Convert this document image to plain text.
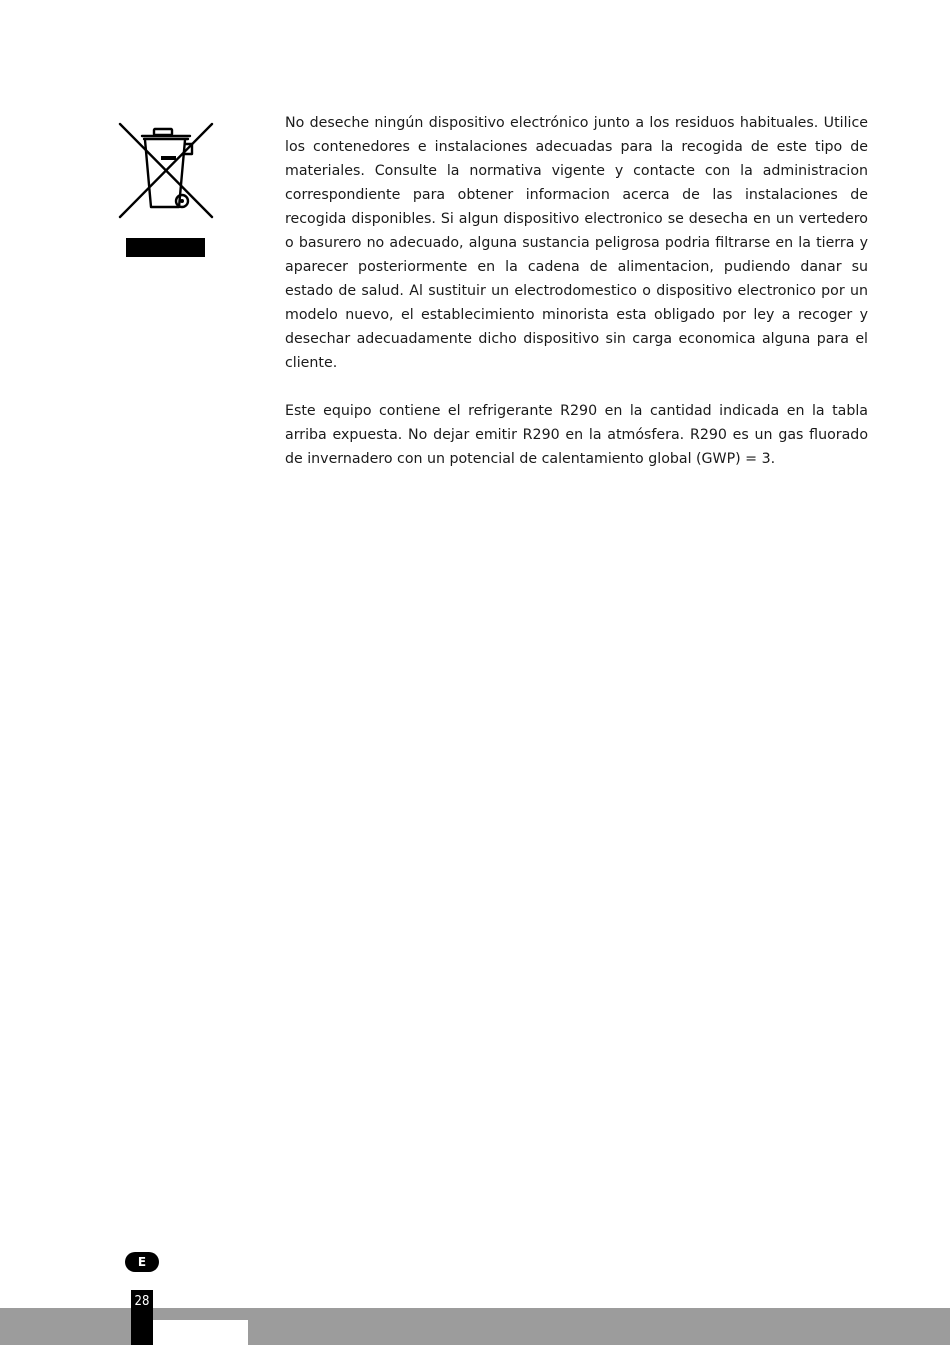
No deseche ningún dispositivo electrónico junto a los residuos habituales. Utilice los contenedores e instalaciones adecuadas para la recogida de este tipo de materiales. Consulte la normativa vigente y contacte con la administracion correspondiente para obtener informacion acerca de las instalaciones de recogida disponibles. Si algun dispositivo electronico se desecha en un vertedero o basurero no adecuado, alguna sustancia peligrosa podria filtrarse en la tierra y aparecer posteriormente en la cadena de alimentacion, pudiendo danar su estado de salud. Al sustituir un electrodomestico o dispositivo electronico por un modelo nuevo, el establecimiento minorista esta obligado por ley a recoger y desechar adecuadamente dicho dispositivo sin carga economica alguna para el cliente.

Este equipo contiene el refrigerante R290 en la cantidad indicada en la tabla arriba expuesta. No dejar emitir R290 en la atmósfera. R290 es un gas fluorado de invernadero con un potencial de calentamiento global (GWP) = 3.

E
28
